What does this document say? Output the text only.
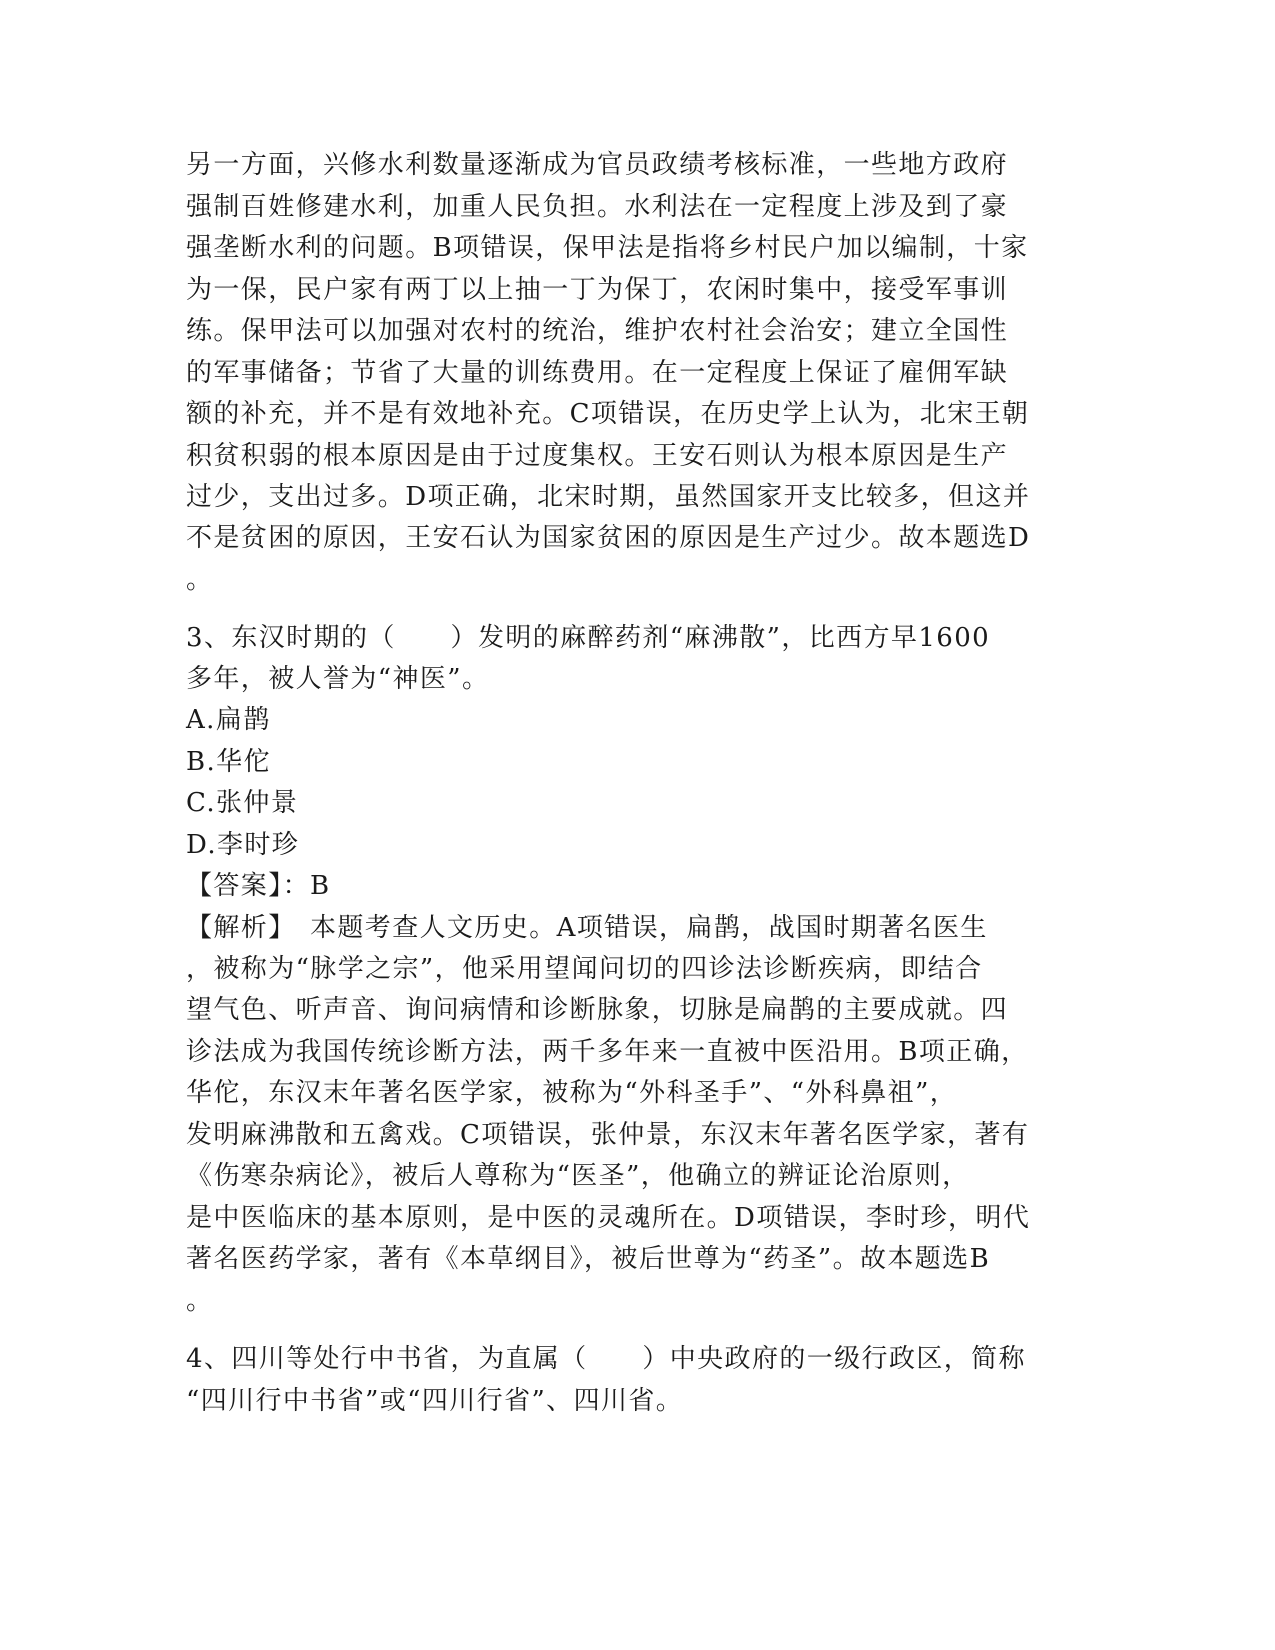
另一方面，兴修水利数量逐渐成为官员政绩考核标准，一些地方政府
强制百姓修建水利，加重人民负担。水利法在一定程度上涉及到了豪
强垄断水利的问题。B项错误，保甲法是指将乡村民户加以编制，十家
为一保，民户家有两丁以上抽一丁为保丁，农闲时集中，接受军事训
练。保甲法可以加强对农村的统治，维护农村社会治安；建立全国性
的军事储备；节省了大量的训练费用。在一定程度上保证了雇佣军缺
额的补充，并不是有效地补充。C项错误，在历史学上认为，北宋王朝
积贫积弱的根本原因是由于过度集权。王安石则认为根本原因是生产
过少，支出过多。D项正确，北宋时期，虽然国家开支比较多，但这并
不是贫困的原因，王安石认为国家贫困的原因是生产过少。故本题选D
。
3、东汉时期的（　　）发明的麻醉药剂“麻沸散”，比西方早1600
多年，被人誉为“神医”。
A.扁鹊
B.华佗
C.张仲景
D.李时珍
【答案】：B
【解析】　本题考查人文历史。A项错误，扁鹊，战国时期著名医生
，被称为“脉学之宗”，他采用望闻问切的四诊法诊断疾病，即结合
望气色、听声音、询问病情和诊断脉象，切脉是扁鹊的主要成就。四
诊法成为我国传统诊断方法，两千多年来一直被中医沿用。B项正确，
华佗，东汉末年著名医学家，被称为“外科圣手”、“外科鼻祖”，
发明麻沸散和五禽戏。C项错误，张仲景，东汉末年著名医学家，著有
《伤寒杂病论》，被后人尊称为“医圣”，他确立的辨证论治原则，
是中医临床的基本原则，是中医的灵魂所在。D项错误，李时珍，明代
著名医药学家，著有《本草纲目》，被后世尊为“药圣”。故本题选B
。
4、四川等处行中书省，为直属（　　）中央政府的一级行政区，简称
“四川行中书省”或“四川行省”、四川省。
